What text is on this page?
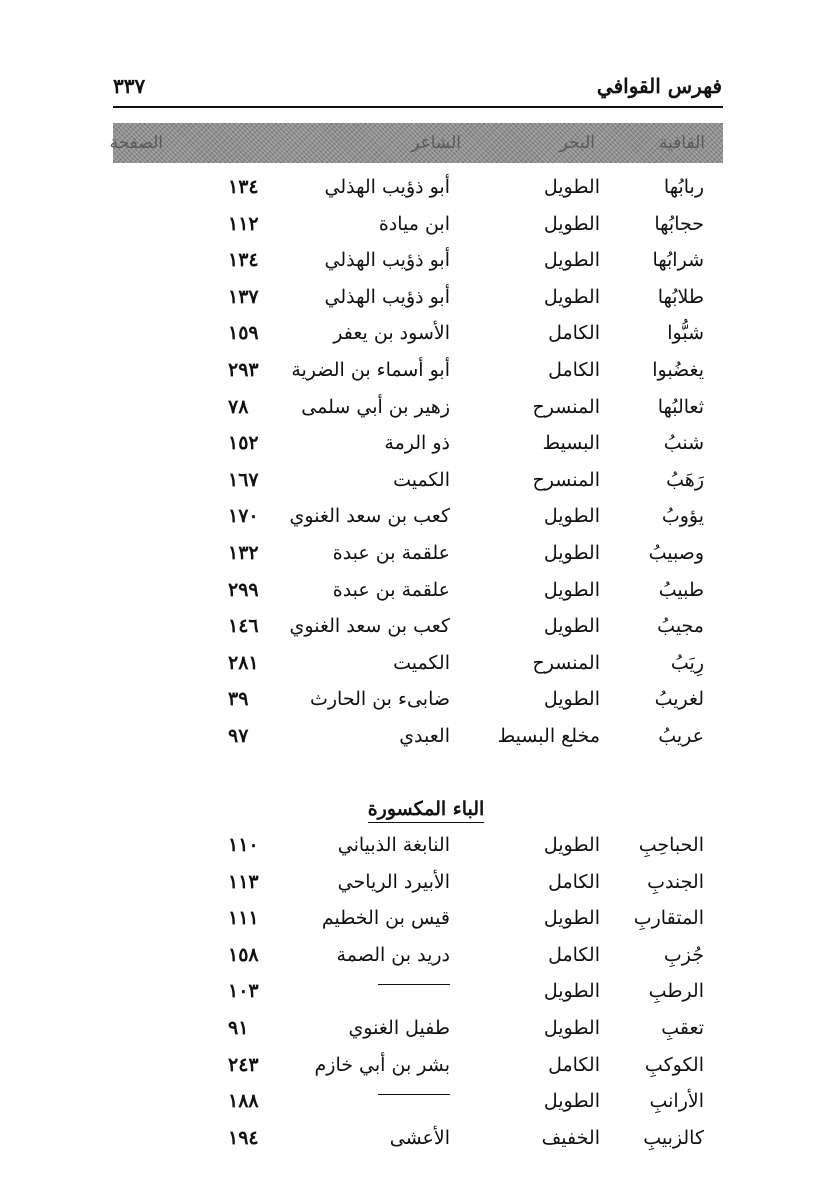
فهرس القوافي
٣٣٧
القافية
البحر
الشاعر
الصفحة
ربابُها
الطويل
أبو ذؤيب الهذلي
١٣٤
حجابُها
الطويل
ابن ميادة
١١٢
شرابُها
الطويل
أبو ذؤيب الهذلي
١٣٤
طلابُها
الطويل
أبو ذؤيب الهذلي
١٣٧
شبُّوا
الكامل
الأسود بن يعفر
١٥٩
يغضُبوا
الكامل
أبو أسماء بن الضرية
٢٩٣
ثعالبُها
المنسرح
زهير بن أبي سلمى
٧٨
شنبُ
البسيط
ذو الرمة
١٥٢
رَهَبُ
المنسرح
الكميت
١٦٧
يؤوبُ
الطويل
كعب بن سعد الغنوي
١٧٠
وصبيبُ
الطويل
علقمة بن عبدة
١٣٢
طبيبُ
الطويل
علقمة بن عبدة
٢٩٩
مجيبُ
الطويل
كعب بن سعد الغنوي
١٤٦
رِيَبُ
المنسرح
الكميت
٢٨١
لغريبُ
الطويل
ضابىء بن الحارث
٣٩
عريبُ
مخلع البسيط
العبدي
٩٧
الباء المكسورة
الحباحِبِ
الطويل
النابغة الذبياني
١١٠
الجندبِ
الكامل
الأبيرد الرياحي
١١٣
المتقاربِ
الطويل
قيس بن الخطيم
١١١
جُزبِ
الكامل
دريد بن الصمة
١٥٨
الرطبِ
الطويل
١٠٣
تعقبِ
الطويل
طفيل الغنوي
٩١
الكوكبِ
الكامل
بشر بن أبي خازم
٢٤٣
الأرانبِ
الطويل
١٨٨
كالزبيبِ
الخفيف
الأعشى
١٩٤
